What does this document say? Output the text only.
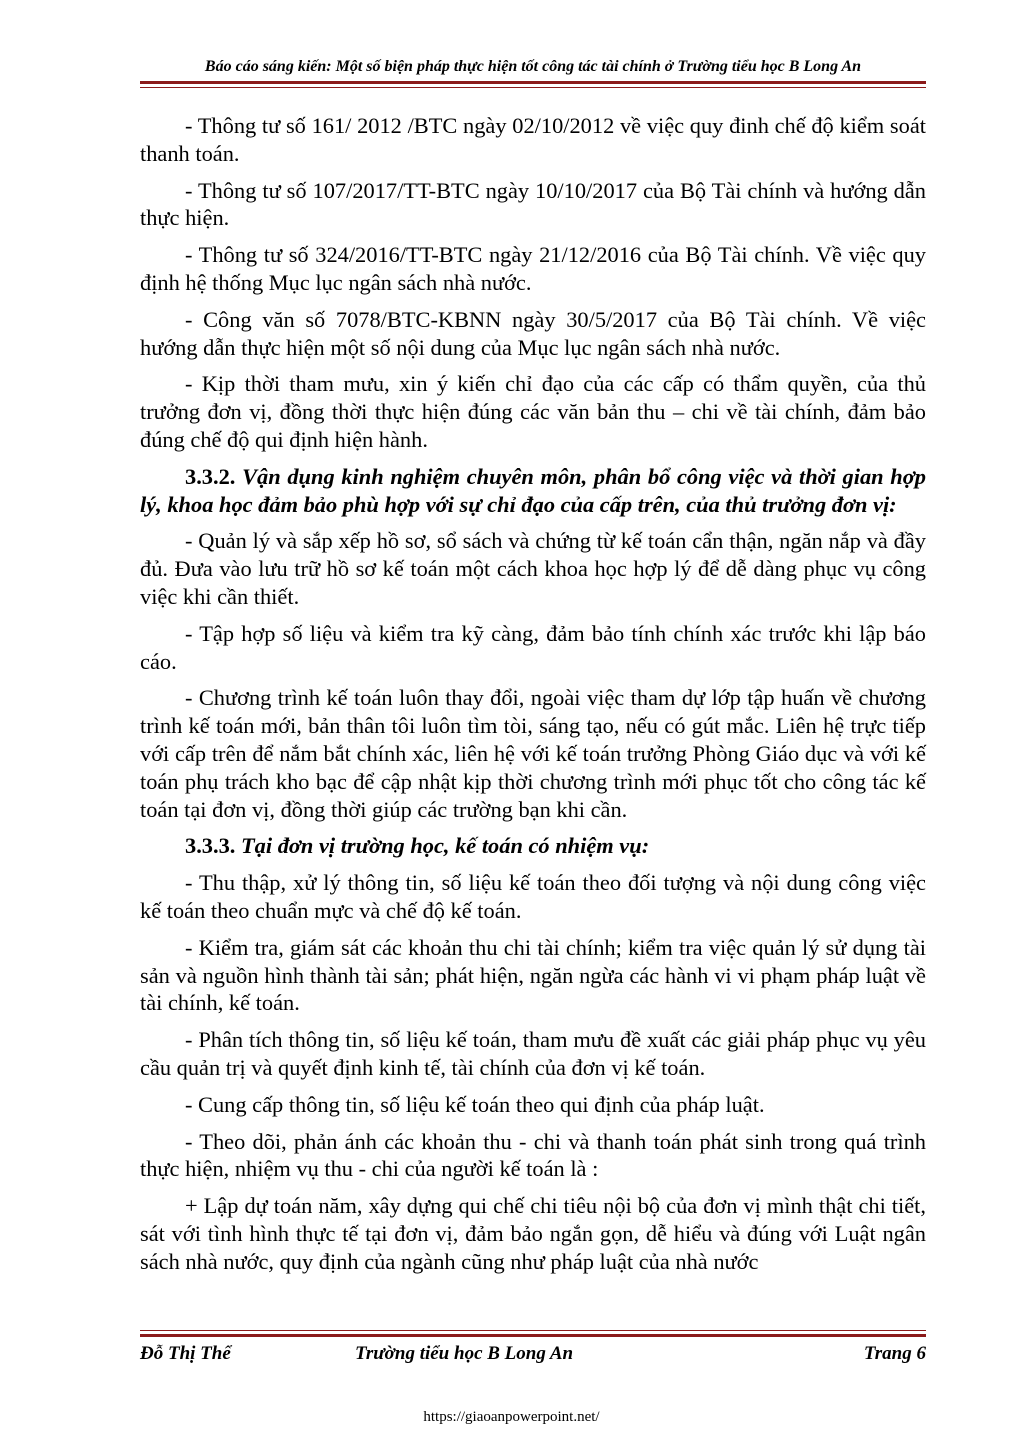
Báo cáo sáng kiến: Một số biện pháp thực hiện tốt công tác tài chính ở Trường tiểu học B Long An

- Thông tư số 161/ 2012 /BTC ngày 02/10/2012 về việc quy đinh chế độ kiểm soát thanh toán.

- Thông tư số 107/2017/TT-BTC ngày 10/10/2017 của Bộ Tài chính và hướng dẫn thực hiện.

- Thông tư số 324/2016/TT-BTC ngày 21/12/2016 của Bộ Tài chính. Về việc quy định hệ thống Mục lục ngân sách nhà nước.

- Công văn số 7078/BTC-KBNN ngày 30/5/2017 của Bộ Tài chính. Về việc hướng dẫn thực hiện một số nội dung của Mục lục ngân sách nhà nước.

- Kịp thời tham mưu, xin ý kiến chỉ đạo của các cấp có thẩm quyền, của thủ trưởng đơn vị, đồng thời thực hiện đúng các văn bản thu – chi về tài chính, đảm bảo đúng chế độ qui định hiện hành.

3.3.2. Vận dụng kinh nghiệm chuyên môn, phân bổ công việc và thời gian hợp lý, khoa học đảm bảo phù hợp với sự chỉ đạo của cấp trên, của thủ trưởng đơn vị:

- Quản lý và sắp xếp hồ sơ, sổ sách và chứng từ kế toán cẩn thận, ngăn nắp và đầy đủ. Đưa vào lưu trữ hồ sơ kế toán một cách khoa học hợp lý để dễ dàng phục vụ công việc khi cần thiết.

- Tập hợp số liệu và kiểm tra kỹ càng, đảm bảo tính chính xác trước khi lập báo cáo.

- Chương trình kế toán luôn thay đổi, ngoài việc tham dự lớp tập huấn về chương trình kế toán mới, bản thân tôi luôn tìm tòi, sáng tạo, nếu có gút mắc. Liên hệ trực tiếp với cấp trên để nắm bắt chính xác, liên hệ với kế toán trưởng Phòng Giáo dục và với kế toán phụ trách kho bạc để cập nhật kịp thời chương trình mới phục tốt cho công tác kế toán tại đơn vị, đồng thời giúp các trường bạn khi cần.

3.3.3. Tại đơn vị trường học, kế toán có nhiệm vụ:

- Thu thập, xử lý thông tin, số liệu kế toán theo đối tượng và nội dung công việc kế toán theo chuẩn mực và chế độ kế toán.

- Kiểm tra, giám sát các khoản thu chi tài chính; kiểm tra việc quản lý sử dụng tài sản và nguồn hình thành tài sản; phát hiện, ngăn ngừa các hành vi vi phạm pháp luật về tài chính, kế toán.

- Phân tích thông tin, số liệu kế toán, tham mưu đề xuất các giải pháp phục vụ yêu cầu quản trị và quyết định kinh tế, tài chính của đơn vị kế toán.

- Cung cấp thông tin, số liệu kế toán theo qui định của pháp luật.

- Theo dõi, phản ánh các khoản thu - chi và thanh toán phát sinh trong quá trình thực hiện, nhiệm vụ thu - chi của người kế toán là :

+ Lập dự toán năm, xây dựng qui chế chi tiêu nội bộ của đơn vị mình thật chi tiết, sát với tình hình thực tế tại đơn vị, đảm bảo ngắn gọn, dễ hiểu và đúng với Luật ngân sách nhà nước, quy định của ngành cũng như pháp luật của nhà nước

Đỗ Thị Thể	Trường tiểu học B Long An	Trang 6
https://giaoanpowerpoint.net/
